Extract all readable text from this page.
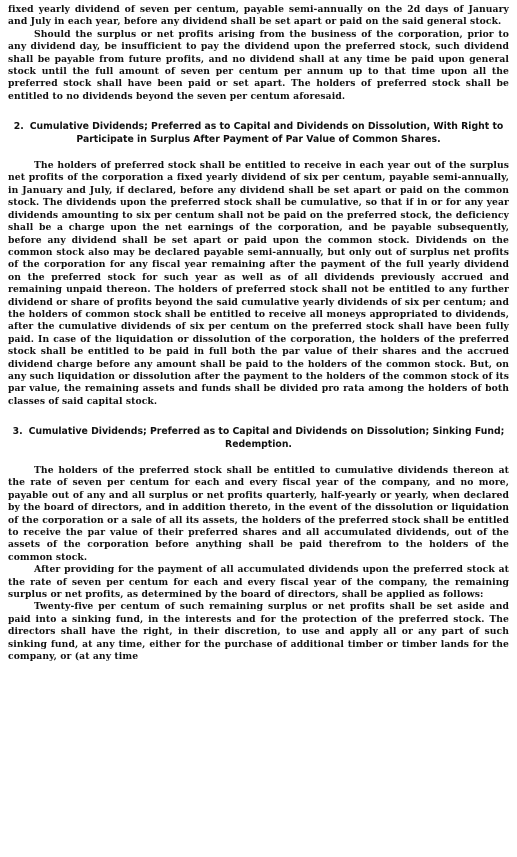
fixed yearly dividend of seven per centum, payable semi-annually on the 2d days of January and July in each year, before any dividend shall be set apart or paid on the said general stock.

Should the surplus or net profits arising from the business of the corporation, prior to any dividend day, be insufficient to pay the dividend upon the preferred stock, such dividend shall be payable from future profits, and no dividend shall at any time be paid upon general stock until the full amount of seven per centum per annum up to that time upon all the preferred stock shall have been paid or set apart. The holders of preferred stock shall be entitled to no dividends beyond the seven per centum aforesaid.

2. Cumulative Dividends; Preferred as to Capital and Dividends on Dissolution, With Right to Participate in Surplus After Payment of Par Value of Common Shares.

The holders of preferred stock shall be entitled to receive in each year out of the surplus net profits of the corporation a fixed yearly dividend of six per centum, payable semi-annually, in January and July, if declared, before any dividend shall be set apart or paid on the common stock. The dividends upon the preferred stock shall be cumulative, so that if in or for any year dividends amounting to six per centum shall not be paid on the preferred stock, the deficiency shall be a charge upon the net earnings of the corporation, and be payable subsequently, before any dividend shall be set apart or paid upon the common stock. Dividends on the common stock also may be declared payable semi-annually, but only out of surplus net profits of the corporation for any fiscal year remaining after the payment of the full yearly dividend on the preferred stock for such year as well as of all dividends previously accrued and remaining unpaid thereon. The holders of preferred stock shall not be entitled to any further dividend or share of profits beyond the said cumulative yearly dividends of six per centum; and the holders of common stock shall be entitled to receive all moneys appropriated to dividends, after the cumulative dividends of six per centum on the preferred stock shall have been fully paid. In case of the liquidation or dissolution of the corporation, the holders of the preferred stock shall be entitled to be paid in full both the par value of their shares and the accrued dividend charge before any amount shall be paid to the holders of the common stock. But, on any such liquidation or dissolution after the payment to the holders of the common stock of its par value, the remaining assets and funds shall be divided pro rata among the holders of both classes of said capital stock.

3. Cumulative Dividends; Preferred as to Capital and Dividends on Dissolution; Sinking Fund; Redemption.

The holders of the preferred stock shall be entitled to cumulative dividends thereon at the rate of seven per centum for each and every fiscal year of the company, and no more, payable out of any and all surplus or net profits quarterly, half-yearly or yearly, when declared by the board of directors, and in addition thereto, in the event of the dissolution or liquidation of the corporation or a sale of all its assets, the holders of the preferred stock shall be entitled to receive the par value of their preferred shares and all accumulated dividends, out of the assets of the corporation before anything shall be paid therefrom to the holders of the common stock.

After providing for the payment of all accumulated dividends upon the preferred stock at the rate of seven per centum for each and every fiscal year of the company, the remaining surplus or net profits, as determined by the board of directors, shall be applied as follows:

Twenty-five per centum of such remaining surplus or net profits shall be set aside and paid into a sinking fund, in the interests and for the protection of the preferred stock. The directors shall have the right, in their discretion, to use and apply all or any part of such sinking fund, at any time, either for the purchase of additional timber or timber lands for the company, or (at any time
